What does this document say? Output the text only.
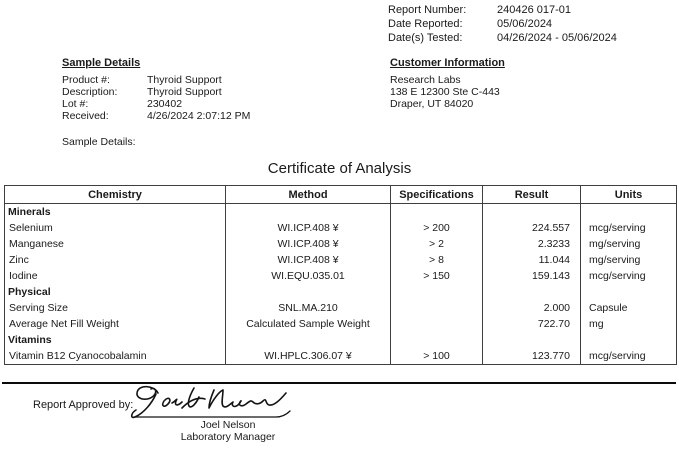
Report Number:	240426 017-01
Date Reported:	05/06/2024
Date(s) Tested:	04/26/2024 - 05/06/2024
Sample Details
Product #:	Thyroid Support
Description:	Thyroid Support
Lot #:	230402
Received:	4/26/2024 2:07:12 PM
Sample Details:
Customer Information
Research Labs
138 E 12300 Ste C-443
Draper, UT 84020
Certificate of Analysis
Chemistry	Method	Specifications	Result	Units
Minerals				
Selenium	WI.ICP.408 ¥	> 200	224.557	mcg/serving
Manganese	WI.ICP.408 ¥	> 2	2.3233	mg/serving
Zinc	WI.ICP.408 ¥	> 8	11.044	mg/serving
Iodine	WI.EQU.035.01	> 150	159.143	mcg/serving
Physical				
Serving Size	SNL.MA.210		2.000	Capsule
Average Net Fill Weight	Calculated Sample Weight		722.70	mg
Vitamins				
Vitamin B12 Cyanocobalamin	WI.HPLC.306.07 ¥	> 100	123.770	mcg/serving
Report Approved by:
Joel Nelson
Laboratory Manager
